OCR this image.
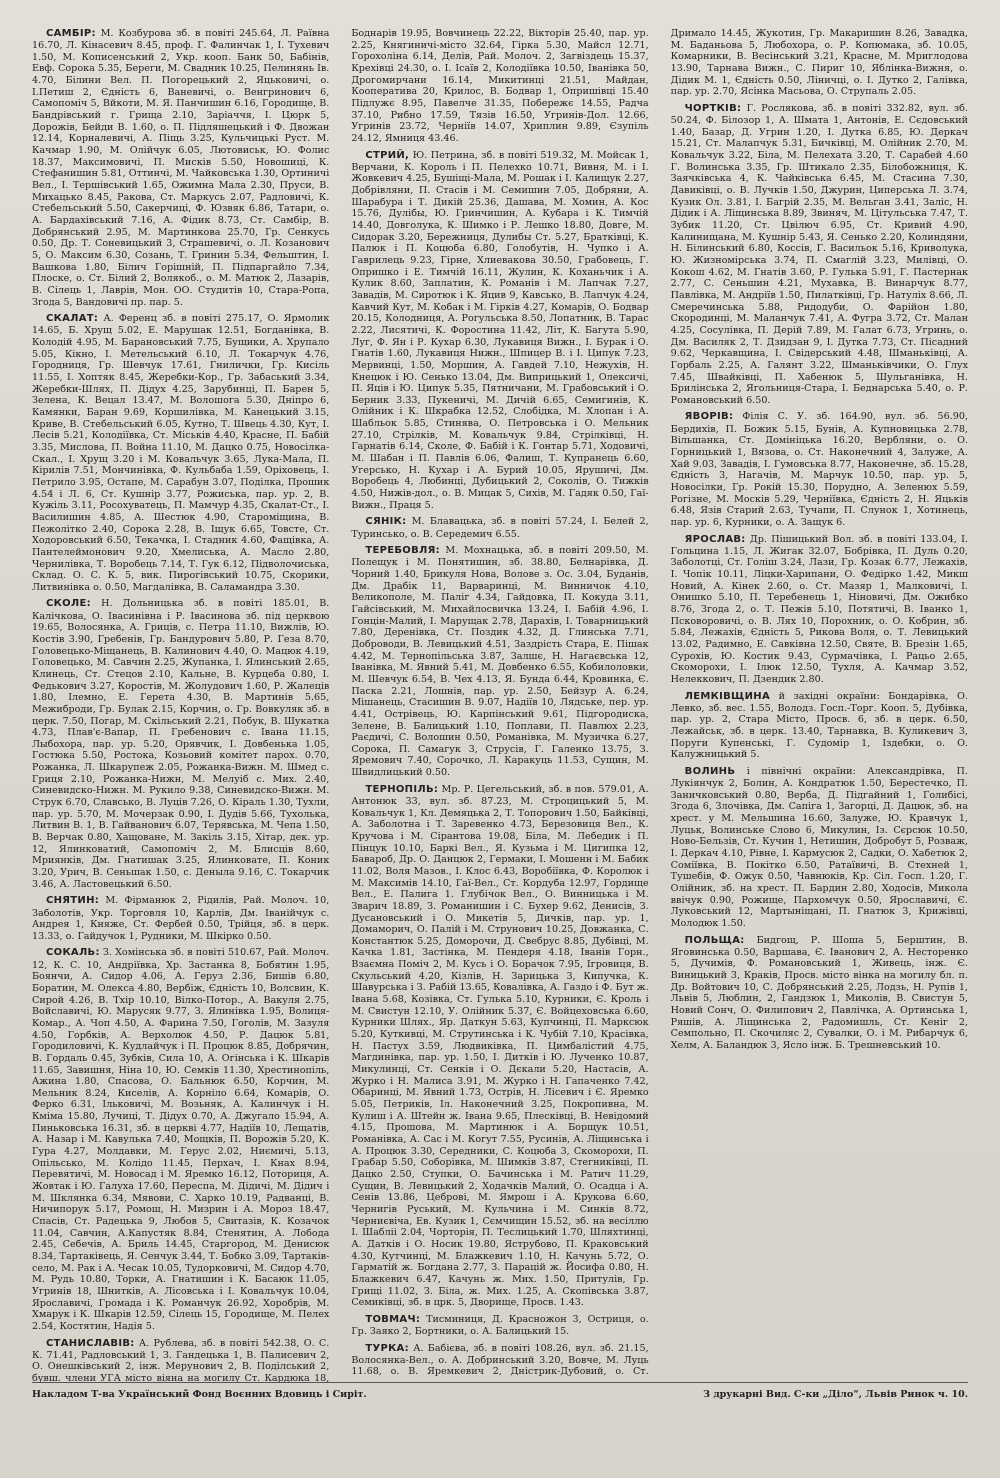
САМБІР: М. Козбурова зб. в повіті 245.64, Л. Раївна 16.70, Л. Кінасевич 8.45, проф. Г. Фалинчак 1, І. Тухевич 1.50, М. Кописенський 2, Укр. кооп. Банк 50, Бабінів, Евф. Сорока 5.35, Береги, М. Свадник 10.25, Пелинянь Ів. 4.70, Білини Вел. П. Погорецький 2, Яцьковичі, о. І.Петиш 2, Єдність 6, Ваневичі, о. Венгринович 6, Самопоміч 5, Вйкоти, М. Я. Панчишин 6.16, Городище, В. Бандрівський г. Грища 2.10, Заріаччя, І. Цюрк 5, Дорожів, Бейди В. 1.60, о. П. Підляшецький і Ф. Двожан 12.14, Корналевичі, А. Піщь 3.25, Кульчицькі Руст. М. Качмар 1.90, М. Олійчук 6.05, Лютовиськ, Ю. Фолис 18.37, Максимовичі, П. Мисків 5.50, Новошиці, К. Стефанишин 5.81, Оттинчі, М. Чайковська 1.30, Ортиничі Вел., І. Тершівський 1.65, Ожимна Мала 2.30, Пруси, В. Михацько 8.45, Ракова, Ст. Маркусь 2.07, Радловичі, К. Стебельський 5.50, Сакерчиці, Ф. Юзвяк 6.86, Татари, о. А. Бардахівський 7.16, А. Фідик 8.73, Ст. Самбір, В. Добрянський 2.95, М. Мартинкова 25.70, Гр. Сенкусь 0.50, Др. Т. Соневицький 3, Страшевичі, о. Л. Козанович 5, О. Максим 6.30, Созань, Т. Гринин 5.34, Фельштин, І. Вашкова 1.80, Білич Горішній, П. Підпаргайло 7.34, Плоске, о. Ст. Білий 2, Волякоб., о. М. Матюк 2, Лазарів, В. Сілець 1, Лаврів, Мон. ОО. Студитів 10, Стара-Ропа, Згода 5, Вандовичі пр. пар. 5.

СКАЛАТ: А. Ференц зб. в повіті 275.17, О. Ярмолик 14.65, Б. Хрущ 5.02, Е. Марушак 12.51, Богданівка, В. Колодій 4.95, М. Барановський 7.75, Бущики, А. Хрупало 5.05, Кікно, І. Метельський 6.10, Л. Токарчук 4.76, Городниця, Гр. Шевчук 17.61, Гнилички, Гр. Кисіль 11.55, І. Хоптяк 8.45, Жеребки-Кор., Гр. Забаський 3.34, Жеребки-Шлях, П. Дідух 4.25, Зарубинці, П. Барен 5, Зелена, К. Вецал 13.47, М. Волошога 5.30, Дніпро 6, Камянки, Баран 9.69, Коршилівка, М. Канецький 3.15, Криве, В. Стебельський 6.05, Кутно, Т. Швець 4.30, Кут, І. Лесів 5.21, Колодіївка, Ст. Міськів 4.40, Красне, П. Бабій 3.35, Мислова, П. Война 11.10, М. Дацко 0.75, Новосілка-Скал., І. Хрущ 3.20 і М. Ковальчук 3.65, Лука-Мала, П. Кірилів 7.51, Мончинівка, Ф. Кульбаба 1.59, Оріховець, І. Петрило 3.95, Остапе, М. Сарабун 3.07, Поділка, Прошик 4.54 і Л. 6, Ст. Кушнір 3.77, Рожиська, пар. ур. 2, В. Кужіль 3.11, Росохуватець, П. Мамчур 4.35, Скалат-Ст., І. Василишин 4.85, А. Шестюк 4.90, Староміщина, В. Пежолітко 2.40, Сорока 2.28, В. Іщук 6.65, Товсте, Ст. Ходоровський 6.50, Текачка, І. Стадник 4.60, Фащівка, А. Пантелеймонович 9.20, Хмелиська, А. Масло 2.80, Чернилівка, Т. Воробець 7.14, Т. Гук 6.12, Підволочиська, Склад. О. С. К. 5, вик. Пирогівський 10.75, Скорики, Литвинівка о. 0.50, Магдалівка, В. Саламандра 3.30.

СКОЛЕ: Н. Дольницька зб. в повіті 185.01, В. Калічкова, О. Івасинівна і Р. Івасинова зб. під церквою 19.65, Волосянка, А. Гриців, с. Петра 11.10, Вижлів, Ю. Костів 3.90, Гребенів, Гр. Бандурович 5.80, Р. Геза 8.70, Головецько-Міщанець, В. Калинович 4.40, О. Мацюк 4.19, Головецько, М. Савчин 2.25, Жупанка, І. Ялинський 2.65, Клинець, Ст. Стецов 2.10, Кальне, В. Курцеба 0.80, І. Федькович 3.27, Коростів, М. Жолудович 1.60, Р. Жалеців 1.80, Ілемно, Е. Герета 4.30, В. Мартинів 5.65, Межиброди, Гр. Булак 2.15, Корчин, о. Гр. Вовкуляк зб. в церк. 7.50, Погар, М. Скільський 2.21, Побук, В. Шукатка 4.73, Плав'є-Вапар, П. Гребенович с. Івана 11.15, Лыбохора, пар. ур. 5.20, Орявчик, І. Довбенька 1.05, Гостюка 5.50, Ростока, Козьовий комітет парох. 0.70, Рожанка, Л. Шкарупеж 2.05, Рожанка-Вижн. М. Шмед с. Гриця 2.10, Рожанка-Нижн, М. Мелуіб с. Мих. 2.40, Синевидско-Нижн. М. Рукило 9.38, Синевидско-Вижн. М. Струк 6.70, Славсько, В. Луців 7.26, О. Кіраль 1.30, Тухли, пар. ур. 5.70, М. Мочерзак 0.90, І. Дудів 5.66, Тухолька, Литвин В. 1, В. Гайванович 6.07, Терявська, М. Чепа 1.50, В. Верчак 0.80, Хащоване, М. Закіль 3.15, Хітар, дек. ур. 12, Ялинковатий, Самопоміч 2, М. Блисців 8.60, Мриянків, Дм. Гнатишак 3.25, Ялинковате, П. Коник 3.20, Урич, В. Сеньшак 1.50, с. Деныла 9.16, С. Токарчик 3.46, А. Ластовецький 6.50.

СНЯТИН: М. Фірманюк 2, Рідилів, Рай. Молоч. 10, Заболотів, Укр. Торговля 10, Карлів, Дм. Іванійчук с. Андрея 1, Княже, Ст. Фербей 0.50, Трійця, зб. в церк. 13.33, о. Гайдучок 1, Рудники, М. Шкірко 0.50.

СОКАЛЬ: З. Хомінська зб. в повіті 510.67, Рай. Молоч. 12, К. С. 10, Андріївка, Хр. Застанка 8, Бобятин 1.95, Боянчи, А. Сидор 4.06, А. Геруз 2.36, Бишів 6.80, Боратин, М. Олекса 4.80, Вербіж, Єдність 10, Волсвин, К. Сирой 4.26, В. Тхір 10.10, Вілко-Потор., А. Вакуля 2.75, Войславичі, Ю. Марусяк 9.77, З. Ялинівка 1.95, Волиця-Комар., А. Чоп 4.50, А. Фарина 7.50, Гоголів, М. Зазуля 4.50, Горбків, А. Верхолюк 4.50, Р. Дацюк 5.81, Городиловичі, К. Кудлайчук і П. Процюк 8.85, Добрячин, В. Гордаль 0.45, Зубків, Сила 10, А. Огінська і К. Шкарів 11.65, Завишня, Ніна 10, Ю. Семків 11.30, Хрестинопіль, Ажина 1.80, Спасова, О. Бальнюк 6.50, Корчин, М. Мельник 8.24, Киселів, А. Корніло 6.64, Комарів, О. Ферко 6.31, Ільковичі, М. Возьняк, А. Калинчук і Н. Кміма 15.80, Лучиці, Т. Дідух 0.70, А. Джугало 15.94, А. Пиньковська 16.31, зб. в церкві 4.77, Надіїв 10, Лещатів, А. Назар і М. Кавулька 7.40, Мощків, П. Ворожів 5.20, К. Гура 4.27, Молдавки, М. Герус 2.02, Ниємичі, 5.13, Опільсько, М. Колідо 11.45, Перхач, І. Кнах 8.94, Перевятичі, М. Новосад і М. Яремко 16.12, Поториця, А. Жовтак і Ю. Галуха 17.60, Переспа, М. Дідичі, М. Дідич і М. Шклянка 6.34, Мявови, С. Харко 10.19, Радванці, В. Ничипорук 5.17, Ромош, Н. Мизрин і А. Мороз 18.47, Спасів, Ст. Радецька 9, Любов 5, Свитазів, К. Козачок 11.04, Савчин, А.Капустяк 8.84, Стенятин, А. Лобода 2.45, Себечів, А. Бриль 14.45, Старгород, М. Денисюк 8.34, Тартаківець, Я. Сенчук 3.44, Т. Бобко 3.09, Тартаків-село, М. Рак і А. Чесак 10.05, Тудорковичі, М. Сидор 4.70, М. Рудь 10.80, Торки, А. Гнатишин і К. Басаюк 11.05, Угринів 18, Шнитків, А. Лісовська і І. Ковальчук 10.04, Ярославичі, Громада і К. Романчук 26.92, Хоробрів, М. Хмарук і К. Шкарів 12.59, Сілець 15, Городище, М. Пелех 2.54, Костятин, Надія 5.

СТАНИСЛАВІВ: А. Рублева, зб. в повіті 542.38, О. С. К. 71.41, Радловський 1, З. Гандецька 1, В. Палисевич 2, О. Онешківський 2, інж. Мерунович 2, В. Поділський 2, бувш. члени УГА місто віяна на могилу Ст. Кардюка 18, Боднарів 19.95, Вовчинець 22.22, Вікторів 25.40, пар. ур. 2.25, Княгиничі-місто 32.64, Гірка 5.30, Майсл 12.71, Горохоліна 6.14, Делів, Рай. Молоч. 2, Загвіздець 15.37, Крехівці 24.30, о. І. Ісаїв 2, Колодіївка 10.50, Іванівка 50, Дрогомирчани 16.14, Микитинці 21.51, Майдан, Кооператива 20, Крилос, В. Бодвар 1, Опришівці 15.40 Підлужє 8.95, Павелче 31.35, Побережє 14.55, Радча 37.10, Рибно 17.59, Тязів 16.50, Угринів-Дол. 12.66, Угринів 23.72, Черніїв 14.07, Хриплин 9.89, Єзупіль 24.12, Ямниця 43.46.

СТРИЙ, Ю. Петрина, зб. в повіті 519.32, М. Мойсак 1, Верчани, К. Король і П. Пелехко 10.71, Вивня, М. і І. Жовкевич 4.25, Бушіщі-Мала, М. Рошак і І. Калищук 2.27, Добрівляни, П. Стасів і М. Семишин 7.05, Добряни, А. Шарабура і Т. Дикій 25.36, Дашава, М. Хомин, А. Кос 15.76, Дулібы, Ю. Гринчишин, А. Кубара і К. Тимчій 14.40, Довголука, К. Шимко і Р. Лешко 18.80, Довге, М. Сидорак 3.20, Бережниця, Дулибы Ст. 5.27, Братківці, К. Палюк і П. Коцюба 6.80, Голобутів, Н. Чупко і А. Гаврилець 9.23, Гірне, Хлиевакова 30.50, Грабовець, Г. Опришко і Е. Тимчій 16.11, Жулин, К. Коханьчик і А. Кулик 8.60, Заплатин, К. Романів і М. Лапчак 7.27, Завадів, М. Сиротюк і К. Яцив 9, Кавсько, В. Лапчук 4.24, Кавчий Кут, М. Кобак і М. Гірків 4.27, Комарів, О. Бодвар 20.15, Колодниця, А. Рогульська 8.50, Лопатник, В. Тарас 2.22, Лисятичі, К. Форостина 11.42, Літ, К. Багута 5.90, Луг, Ф. Ян і Р. Кухар 6.30, Лукавиця Вижн., І. Бурак і О. Гнатів 1.60, Лукавиця Нижн., Шпицер В. і І. Ципук 7.23, Мервинці, 1.50, Моршин, А. Гавдей 7.10, Нежухів, Н. Кнецюк і Ю. Сенько 13.04, Дм. Виприцький 1, Олексичі, П. Яців і Ю. Ципук 5.35, Пятничани, М. Грабовський і О. Берник 3.33, Пукеничі, М. Дичій 6.65, Семигинів, К. Олійник і К. Шкрабка 12.52, Слобідка, М. Хлопан і А. Шабльок 5.85, Стинява, О. Петровська і О. Мельник 27.10, Стрілків, М. Ковальчук 9.84, Стрілківці, Н. Гарнатів 6.14, Сколе, Ф. Бабій і К. Гонтар 5.71, Ходовичі, М. Шабан і П. Павлів 6.06, Фалиш, Т. Купранець 6.60, Угерсько, Н. Кухар і А. Бурий 10.05, Ярушичі, Дм. Воробець 4, Любинці, Дубицький 2, Соколів, О. Тижків 4.50, Нижів-дол., о. В. Мицак 5, Сихів, М. Гадяк 0.50, Гаї-Вижн., Праця 5.

СЯНІК: М. Блавацька, зб. в повіті 57.24, І. Белей 2, Туринсько, о. В. Середемич 6.55.

ТЕРЕБОВЛЯ: М. Мохнацька, зб. в повіті 209.50, М. Полещук і М. Понятишин, зб. 38.80, Белнарівка, Д. Чорний 1.40, Брикуля Нова, Волове з. Ос. 3.04, Буданів, Дм. Драбік 11, Варваринці, М. Винничок 4.10, Великополе, М. Паліг 4.34, Гайдовка, П. Кокуда 3.11, Гайсівський, М. Михайлосвичка 13.24, І. Бабій 4.96, І. Гонцін-Малий, І. Марущак 2.78, Дарахів, І. Товарницький 7.80, Деренівка, Ст. Поздик 4.32, Д. Глинська 7.71, Доброводи, В. Левицький 4.51, Заздрість Стара, Е. Пішак 4.42, М. Тернопільська 3.87, Залшє, Н. Нагаєвська 12, Іванівка, М. Явний 5.41, М. Довбенко 6.55, Кобилоловки, М. Шевчук 6.54, В. Чех 4.13, Я. Бунда 6.44, Кровинка, Є. Паска 2.21, Лошнів, пар. ур. 2.50, Бейзур А. 6.24, Мішанець, Стасишин В. 9.07, Надіїв 10, Лядське, пер. ур. 4.41, Острівець, Ю. Карпінський 9.61, Підгородиска, Зелене, В. Балицький 1.10, Поплави, П. Павлюх 2.23, Раєдичі, С. Волошин 0.50, Романівка, М. Музичка 6.27, Сорока, П. Самагук 3, Струсів, Г. Галенко 13.75, З. Яремович 7.40, Сорочко, Л. Каракуць 11.53, Сущин, М. Швидлицький 0.50.

ТЕРНОПІЛЬ: Мр. Р. Цегельський, зб. в пов. 579.01, А. Антонюк 33, вул. зб. 87.23, М. Строцицький 5, М. Ковальчук 1, Кл. Демяцька 2, Т. Топорович 1.50, Байківці, А. Заболотна і Т. Заревенко 4.73, Березовиця Вел., К. Кручова і М. Сірантова 19.08, Біла, М. Лебедик і П. Пінцук 10.10, Баркі Вел., Я. Кузьма і М. Цигипка 12, Бавароб, Др. О. Данцюк 2, Гермаки, І. Мошенн і М. Бабик 11.02, Воля Мазов., І. Клос 6.43, Воробіївка, Ф. Королюк і М. Максимів 14.10, Гаї-Вел., Ст. Кордуба 12.97, Гордище Вел., Е. Палига 1. Глубічок Вел., О. Винницька і М. Зварич 18.89, З. Романишин і С. Бухер 9.62, Денисів, З. Дусановський і О. Микетів 5, Дичків, пар. ур. 1, Домаморич, О. Палій і М. Струнович 10.25, Довжанка, С. Константюк 5.25, Доморочи, Д. Свебрус 8.85, Дубівці, М. Качка 1.81, Застінка, М. Пендеря 4.18, Іванів Горн., Взаємна Поміч 2, М. Кусь і О. Борачок 7.95, Ігровиця, В. Скульський 4.20, Кізлів, Н. Зарицька 3, Кипучка, К. Шавурська і З. Рабій 13.65, Ковалівка, А. Газдо і Ф. Бут ж. Івана 5.68, Козівка, Ст. Гулька 5.10, Курники, Є. Кроль і М. Свистун 12.10, У. Олійник 5.37, Є. Войцеховська 6.60, Курники Шлях., Яр. Даткун 5.63, Купчинці, П. Марксюк 5.20, Куткивці, М. Струтинська і К. Чубій 7.10, Красівка, Н. Пастух 3.59, Людвиківка, П. Цимбалістий 4.75, Магдинівка, пар. ур. 1.50, І. Дитків і Ю. Лученко 10.87, Микулинці, Ст. Сенків і О. Дєкали 5.20, Настасів, А. Журко і Н. Малиса 3.91, М. Журко і Н. Гапаченко 7.42, Обаринці, М. Явний 1.73, Острів, Н. Лісевич і Є. Яремко 5.05, Петриків, Іл. Наконечний 3.25, Покропивна, М. Кулиш і А. Штейн ж. Івана 9.65, Плесківці, В. Невідомий 4.15, Прошова, М. Мартинюк і А. Борщук 10.51, Романівка, А. Сас і М. Когут 7.55, Русинів, А. Ліщинська і А. Процюк 3.30, Середники, С. Коцюба 3, Скоморохи, П. Грабар 5.50, Соборівка, М. Шимків 3.87, Стегниківці, П. Дацко 2.50, Ступки, О. Бачинська і М. Ратич 11.29, Сущин, В. Левицький 2, Ходачків Малий, О. Осадца і А. Сенів 13.86, Цеброві, М. Ямрош і А. Крукова 6.60, Чернигів Руський, М. Кульчина і М. Синків 8.72, Черниєвіча, Ев. Кузик 1, Сємчищин 15.52, зб. на весіллю І. Шабліі 2.04, Чорторія, П. Теслицький 1.70, Шляхтинці, А. Датків і О. Носик 19.80, Яструбово, П. Краковський 4.30, Кутчинці, М. Блажкевич 1.10, Н. Качунь 5.72, О. Гарматій ж. Богдана 2.77, З. Парацій ж. Йосифа 0.80, Н. Блажкевич 6.47, Качунь ж. Мих. 1.50, Притулів, Гр. Грищі 11.02, З. Біла, ж. Мих. 1.25, А. Скопівська 3.87, Семиківці, зб. в црк. 5, Дворище, Просв. 1.43.

ТОВМАЧ: Тисминиця, Д. Красножон 3, Остриця, о. Гр. Заяко 2, Бортники, о. А. Балицький 15.

ТУРКА: А. Бабієва, зб. в повіті 108.26, вул. зб. 21.15, Волосянка-Вел., о. А. Добринський 3.20, Вовче, М. Луць 11.68, о. В. Яремкевич 2, Дністрик-Дубовий, о. Ст. Дримало 14.45, Жукотин, Гр. Макаришин 8.26, Завадка, М. Баданьова 5, Любохора, о. Р. Копюмака, зб. 10.05, Комарники, В. Весінський 3.21, Красне, М. Мриглодова 13.90, Тарнава Вижн., С. Пириг 10, Яблінка-Вижня, о. Дідик М. 1, Єдність 0.50, Ліничці, о. І. Дутко 2, Галівка, пар. ур. 2.70, Ясінка Масьова, О. Струпаль 2.05.

ЧОРТКІВ: Г. Рослякова, зб. в повіті 332.82, вул. зб. 50.24, Ф. Білозор 1, А. Шмата 1, Антонів, Е. Сєдовський 1.40, Базар, Д. Угрин 1.20, І. Дутка 6.85, Ю. Деркач 15.21, Ст. Малапчук 5.31, Бичківці, М. Олійник 2.70, М. Ковальчук 3.22, Біла, М. Пелехата 3.20, Т. Сарабей 4.60 Г. Волинська 3.35, Гр. Штикало 2.35, Білобожниця, К. Заячківська 4, К. Чайківська 6.45, М. Стасина 7.30, Давиківці, о. В. Лучків 1.50, Джурин, Циперська Л. 3.74, Кузик Ол. 3.81, І. Багрій 2.35, М. Вельган 3.41, Заліс, Н. Дідик і А. Ліщинська 8.89, Звиняч, М. Цітульська 7.47, Т. Зубик 11.20, Ст. Цвілюч 6.95, Ст. Кривий 4.90, Калинищана, М. Кушнір 5.43, Я. Сенько 2.20, Колиндяни, Н. Білинський 6.80, Коссів, Г. Васильок 5.16, Криволука, Ю. Жизномірська 3.74, П. Смаглій 3.23, Милівці, О. Кокош 4.62, М. Гнатів 3.60, Р. Гулька 5.91, Г. Пастернак 2.77, С. Сеньшин 4.21, Мухавка, В. Винарчук 8.77, Павлівка, М. Андріїв 1.50, Пилатківці, Гр. Натуліх 8.66, Л. Смеречинська 5.88, Ридодуби, О. Фарійон 1.80, Скородинці, М. Маланчук 7.41, А. Фугра 3.72, Ст. Малан 4.25, Сосулівка, П. Дерій 7.89, М. Галат 6.73, Угринь, о. Дм. Василяк 2, Т. Дзидзан 9, І. Дутка 7.73, Ст. Пісадний 9.62, Черкавщина, І. Свідерський 4.48, Шманьківці, А. Горбаль 2.25, А. Галянт 3.22, Шманьківчики, О. Глух 7.45, Швайківці, П. Хабенюк 5, Шульганівка, Н. Брилінська 2, Ягольниця-Стара, І. Беднарська 5.40, о. Р. Романовський 6.50.

ЯВОРІВ: Філія С. У. зб. 164.90, вул. зб. 56.90, Бердихів, П. Божик 5.15, Бунів, А. Купновицька 2.78, Вільшанка, Ст. Домініцька 16.20, Вербляни, о. О. Горницький 1, Вязова, о. Ст. Наконечний 4, Залуже, А. Хай 9.03, Завадів, І. Гумовська 8.77, Наконечне, зб. 15.28, Єдність 3, Нагачів, М. Марчук 10.50, пар. ур. 5, Новосілки, Гр. Рокій 15.30, Порудно, А. Зеленюх 5.59, Рогізне, М. Москів 5.29, Черніївка, Єдність 2, Н. Яцьків 6.48, Язів Старий 2.63, Тучапи, П. Слунок 1, Хотинець, пар. ур. 6, Курники, о. А. Защук 6.

ЯРОСЛАВ: Др. Пішицький Вол. зб. в повіті 133.04, І. Гольцина 1.15, Л. Жигак 32.07, Бобрівка, П. Дуль 0.20, Заболотці, Ст. Голіш 3.24, Лази, Гр. Козак 6.77, Лежахів, І. Чопік 10.11, Ліцки-Харипани, О. Федірко 1.42, Микш Новий, А. Кінек 2.60, о. Ст. Мазяр 1, Малковичі, І. Онишко 5.10, П. Теребенець 1, Ніновичі, Дм. Ожибко 8.76, Згода 2, о. Т. Пежів 5.10, Потятичі, В. Іванко 1, Псковоровичі, о. В. Лях 10, Порохник, о. О. Кобрин, зб. 5.84, Лежахів, Єдність 5, Рикова Воля, о. Т. Левицький 13.02, Радимно, Е. Савківна 12.50, Святе, В. Брезін 1.65, Сурохів, Ю. Костик 9.43, Сурмачівка, І. Рацьо 2.65, Скоморохи, І. Ілюк 12.50, Тухля, А. Качмар 3.52, Нелеккович, П. Дзендик 2.80.

ЛЕМКІВЩИНА й західні окраїни: Бондарівка, О. Левко, зб. вес. 1.55, Володз. Госп.-Торг. Кооп. 5, Дубівка, пар. ур. 2, Стара Місто, Просв. 6, зб. в церк. 6.50, Лежайськ, зб. в церк. 13.40, Тарнавка, В. Куликевич 3, Поруги Купенські, Г. Судомір 1, Іздебки, о. О. Калужницький 5.

ВОЛИНЬ і північні окраїни: Александрівка, П. Лукіянчук 2, Болин, А. Кондратюк 1.50, Берестечко, П. Заничковський 0.80, Верба, Д. Підгайний 1, Голибісі, Згода 6, Злочівка, Дм. Сапіга 1, Загорці, Д. Дацюк, зб. на хрест. у М. Мельшина 16.60, Залуже, Ю. Кравчук 1, Луцьк, Волинське Слово 6, Микулин, Із. Сєрсюк 10.50, Ново-Бельзів, Ст. Кучин 1, Нетишин, Добробут 5, Розваж, І. Деркач 4.10, Рівне, І. Кармусюк 2, Садки, О. Хабетюк 2, Соміївка, В. Покітко 6.50, Ратаївичі, В. Стехней 1, Тушебів, Ф. Ожук 0.50, Чавнюків, Кр. Сіл. Госп. 1.20, Г. Олійник, зб. на хрест. П. Бардин 2.80, Ходосів, Микола ввічук 0.90, Рожище, Пархомчук 0.50, Ярославичі, Є. Луковський 12, Мартыніщані, П. Гнатюк 3, Крижівці, Молодюк 1.50.

ПОЛЬЩА: Бидгощ, Р. Шоша 5, Берштин, В. Яговинська 0.50, Варшава, Є. Іванович 2, А. Несторенко 5, Дучимів, Ф. Романовський 1, Живець, інж. Є. Виницький 3, Краків, Просв. місто вінка на могилу бл. п. Др. Войтович 10, С. Добрянський 2.25, Лодзь, Н. Рупів 1, Львів 5, Люблин, 2, Гандзюк 1, Миколів, В. Свистун 5, Новий Сонч, О. Филипович 2, Павлічка, А. Ортинська 1, Ряшів, А. Ліщинська 2, Радомишль, Ст. Кеніг 2, Семпольно, П. Скочиляс 2, Сувалки, О. і М. Рибарчук 6, Хелм, А. Баландюк 3, Ясло інж. Б. Трешневський 10.

Накладом Т-ва Український Фонд Воєнних Вдовиць і Сиріт.	З друкарні Вид. С-ки „Діло“, Львів Ринок ч. 10.
